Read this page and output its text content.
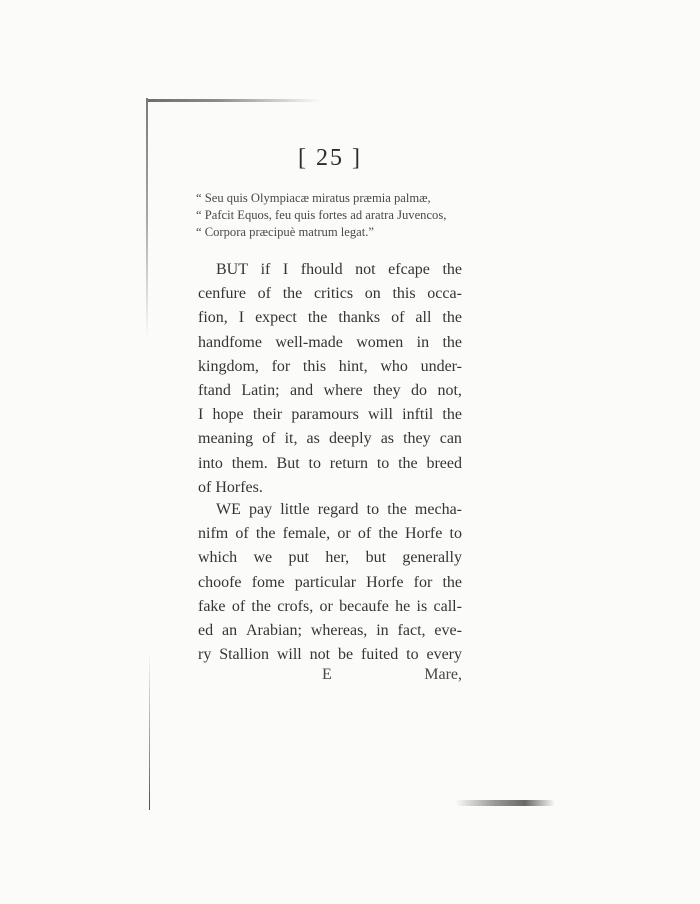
[ 25 ]
“ Seu quis Olympiacæ miratus præmia palmæ,
“ Pafcit Equos, feu quis fortes ad aratra Juvencos,
“ Corpora præcipuè matrum legat.”
BUT if I fhould not efcape the
cenfure of the critics on this occa-
fion, I expect the thanks of all the
handfome well-made women in the
kingdom, for this hint, who under-
ftand Latin; and where they do not,
I hope their paramours will inftil the
meaning of it, as deeply as they can
into them. But to return to the breed
of Horfes.
WE pay little regard to the mecha-
nifm of the female, or of the Horfe to
which we put her, but generally
choofe fome particular Horfe for the
fake of the crofs, or becaufe he is call-
ed an Arabian; whereas, in fact, eve-
ry Stallion will not be fuited to every
E	Mare,
